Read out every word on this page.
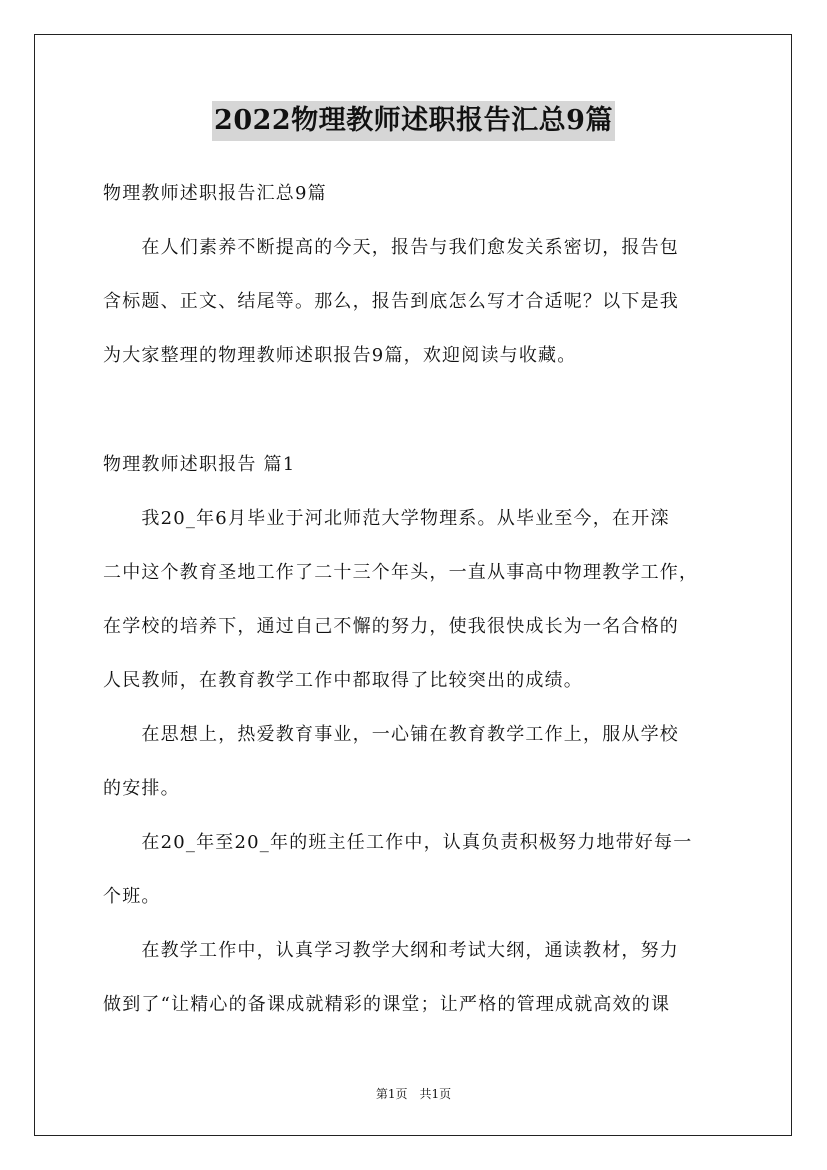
2022物理教师述职报告汇总9篇
物理教师述职报告汇总9篇
　　在人们素养不断提高的今天，报告与我们愈发关系密切，报告包
含标题、正文、结尾等。那么，报告到底怎么写才合适呢？以下是我
为大家整理的物理教师述职报告9篇，欢迎阅读与收藏。
物理教师述职报告 篇1
　　我20_年6月毕业于河北师范大学物理系。从毕业至今，在开滦
二中这个教育圣地工作了二十三个年头，一直从事高中物理教学工作，
在学校的培养下，通过自己不懈的努力，使我很快成长为一名合格的
人民教师，在教育教学工作中都取得了比较突出的成绩。
　　在思想上，热爱教育事业，一心铺在教育教学工作上，服从学校
的安排。
　　在20_年至20_年的班主任工作中，认真负责积极努力地带好每一
个班。
　　在教学工作中，认真学习教学大纲和考试大纲，通读教材，努力
做到了“让精心的备课成就精彩的课堂；让严格的管理成就高效的课
第1页　共1页
